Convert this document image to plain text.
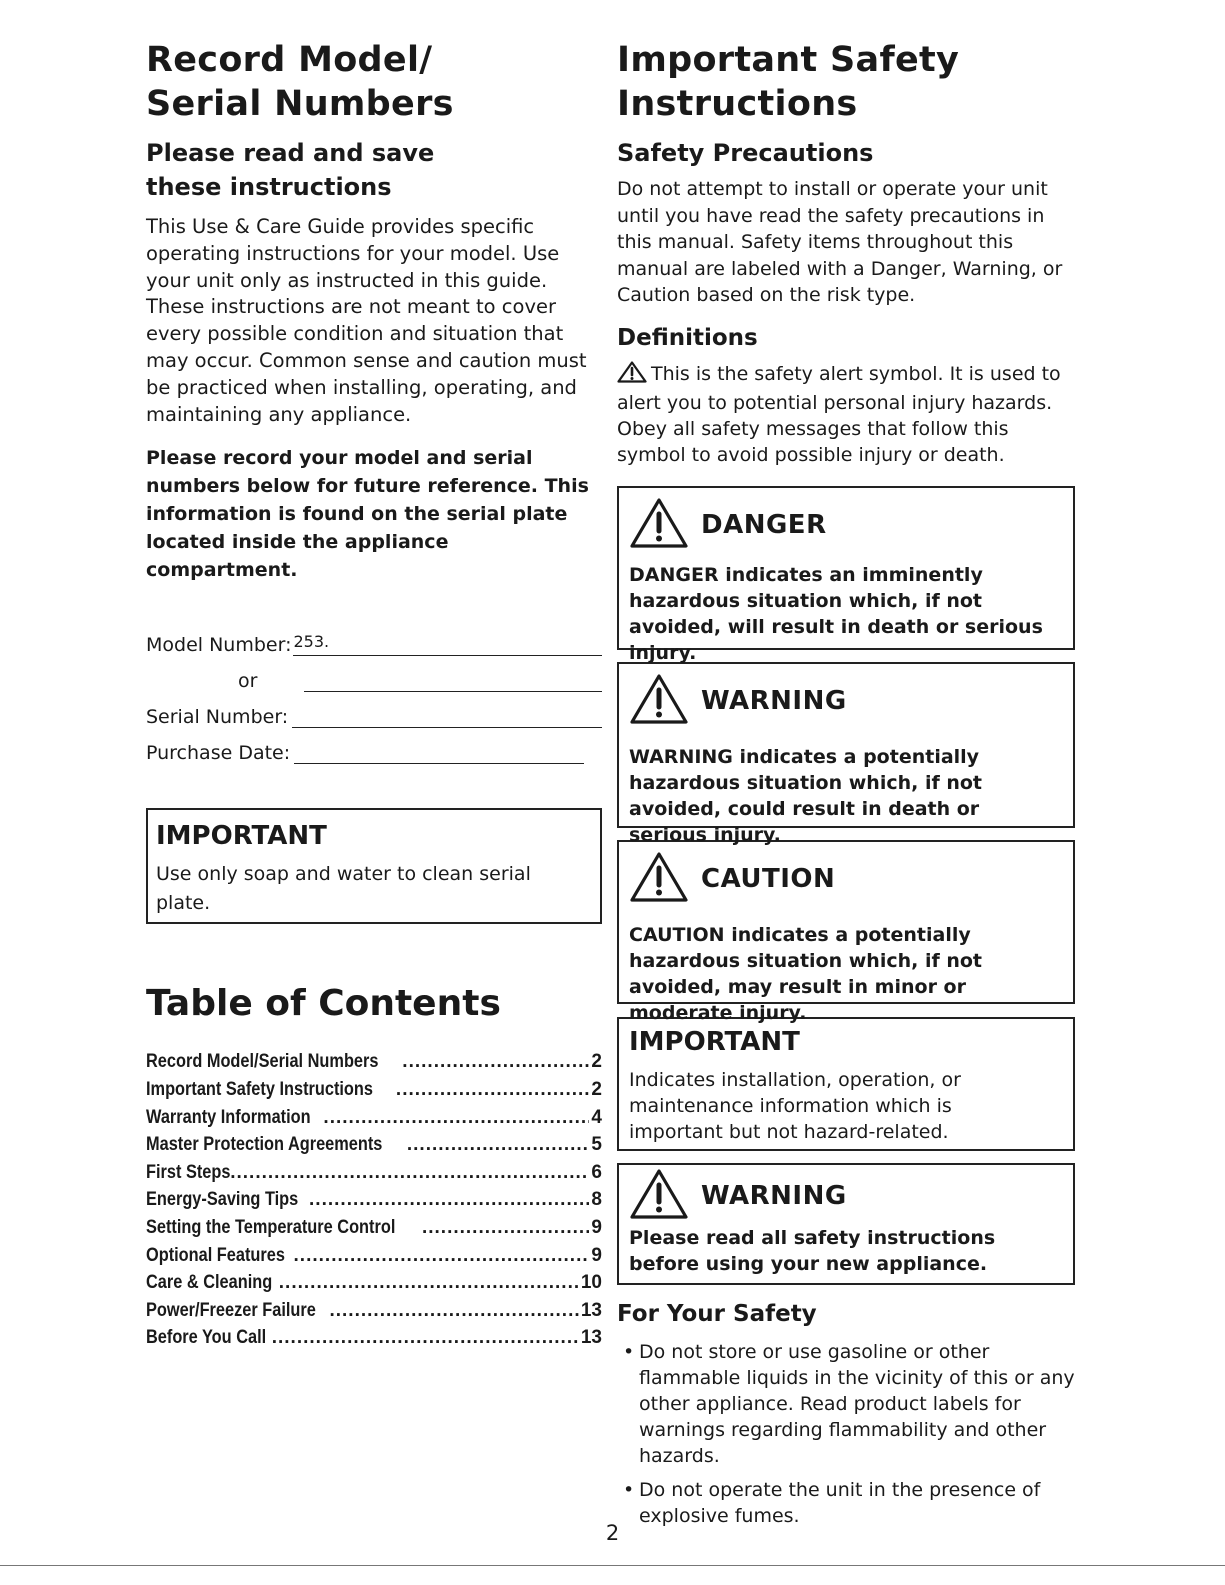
Record Model/
Serial Numbers
Please read and save
these instructions

This Use & Care Guide provides specific operating instructions for your model. Use your unit only as instructed in this guide. These instructions are not meant to cover every possible condition and situation that may occur. Common sense and caution must be practiced when installing, operating, and maintaining any appliance.

Please record your model and serial numbers below for future reference. This information is found on the serial plate located inside the appliance compartment.

Model Number: 253.
or
Serial Number:
Purchase Date:
IMPORTANT

Use only soap and water to clean serial plate.

Table of Contents
Record Model/Serial Numbers .....	2
Important Safety Instructions .....	2
Warranty Information .....	4
Master Protection Agreements .....	5
First Steps .....	6
Energy-Saving Tips .....	8
Setting the Temperature Control .....	9
Optional Features .....	9
Care & Cleaning .....	10
Power/Freezer Failure .....	13
Before You Call .....	13
Important Safety
Instructions
Safety Precautions

Do not attempt to install or operate your unit until you have read the safety precautions in this manual. Safety items throughout this manual are labeled with a Danger, Warning, or Caution based on the risk type.

Definitions

This is the safety alert symbol. It is used to alert you to potential personal injury hazards. Obey all safety messages that follow this symbol to avoid possible injury or death.

DANGER

DANGER indicates an imminently hazardous situation which, if not avoided, will result in death or serious injury.

WARNING

WARNING indicates a potentially hazardous situation which, if not avoided, could result in death or serious injury.

CAUTION

CAUTION indicates a potentially hazardous situation which, if not avoided, may result in minor or moderate injury.

IMPORTANT

Indicates installation, operation, or maintenance information which is important but not hazard-related.

WARNING

Please read all safety instructions before using your new appliance.

For Your Safety
• Do not store or use gasoline or other flammable liquids in the vicinity of this or any other appliance. Read product labels for warnings regarding flammability and other hazards.
• Do not operate the unit in the presence of explosive fumes.
2
